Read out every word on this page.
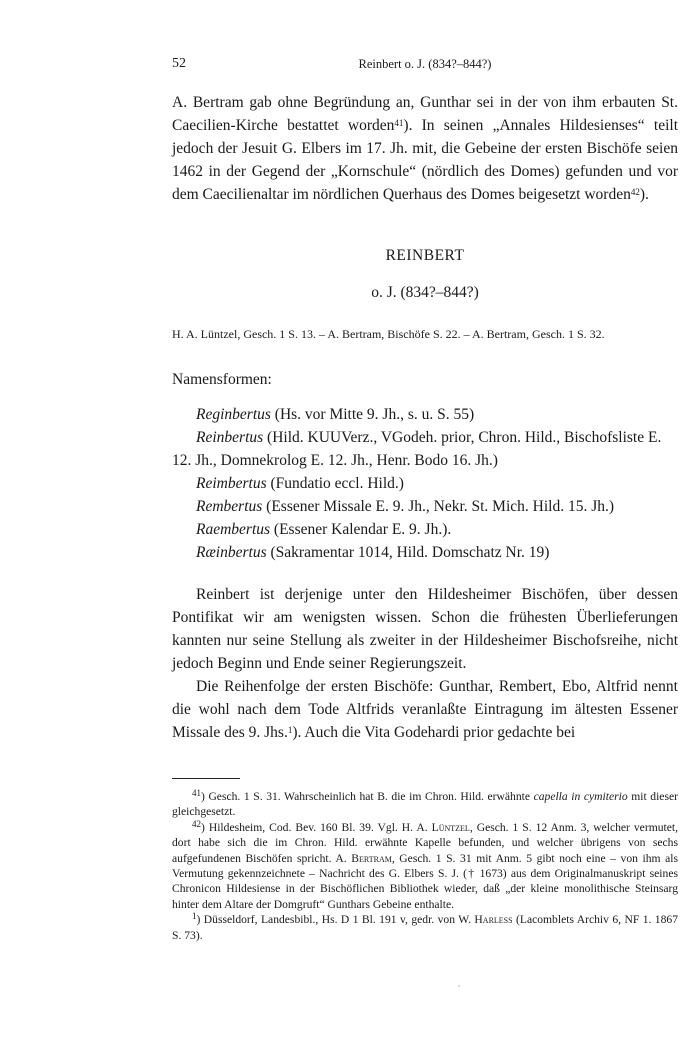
52	Reinbert o. J. (834?–844?)

A. Bertram gab ohne Begründung an, Gunthar sei in der von ihm erbauten St. Caecilien-Kirche bestattet worden$^{41}$). In seinen „Annales Hildesienses“ teilt jedoch der Jesuit G. Elbers im 17. Jh. mit, die Gebeine der ersten Bischöfe seien 1462 in der Gegend der „Kornschule“ (nördlich des Domes) gefunden und vor dem Caecilienaltar im nördlichen Querhaus des Domes beigesetzt worden$^{42}$).

REINBERT
o. J. (834?–844?)
H. A. Lüntzel, Gesch. 1 S. 13. – A. Bertram, Bischöfe S. 22. – A. Bertram, Gesch. 1 S. 32.
Namensformen:
Reginbertus (Hs. vor Mitte 9. Jh., s. u. S. 55)
Reinbertus (Hild. KUUVerz., VGodeh. prior, Chron. Hild., Bischofsliste E. 12. Jh., Domnekrolog E. 12. Jh., Henr. Bodo 16. Jh.)
Reimbertus (Fundatio eccl. Hild.)
Rembertus (Essener Missale E. 9. Jh., Nekr. St. Mich. Hild. 15. Jh.)
Raembertus (Essener Kalendar E. 9. Jh.).
Ræinbertus (Sakramentar 1014, Hild. Domschatz Nr. 19)

Reinbert ist derjenige unter den Hildesheimer Bischöfen, über dessen Pontifikat wir am wenigsten wissen. Schon die frühesten Überlieferungen kannten nur seine Stellung als zweiter in der Hildesheimer Bischofsreihe, nicht jedoch Beginn und Ende seiner Regierungszeit.

Die Reihenfolge der ersten Bischöfe: Gunthar, Rembert, Ebo, Altfrid nennt die wohl nach dem Tode Altfrids veranlaßte Eintragung im ältesten Essener Missale des 9. Jhs.$^1$). Auch die Vita Godehardi prior gedachte bei

$^{41}$) Gesch. 1 S. 31. Wahrscheinlich hat B. die im Chron. Hild. erwähnte capella in cymiterio mit dieser gleichgesetzt.

$^{42}$) Hildesheim, Cod. Bev. 160 Bl. 39. Vgl. H. A. Lüntzel, Gesch. 1 S. 12 Anm. 3, welcher vermutet, dort habe sich die im Chron. Hild. erwähnte Kapelle befunden, und welcher übrigens von sechs aufgefundenen Bischöfen spricht. A. Bertram, Gesch. 1 S. 31 mit Anm. 5 gibt noch eine – von ihm als Vermutung gekennzeichnete – Nachricht des G. Elbers S. J. († 1673) aus dem Originalmanuskript seines Chronicon Hildesiense in der Bischöflichen Bibliothek wieder, daß „der kleine monolithische Steinsarg hinter dem Altare der Domgruft“ Gunthars Gebeine enthalte.

$^1$) Düsseldorf, Landesbibl., Hs. D 1 Bl. 191 v, gedr. von W. Harless (Lacomblets Archiv 6, NF 1. 1867 S. 73).
